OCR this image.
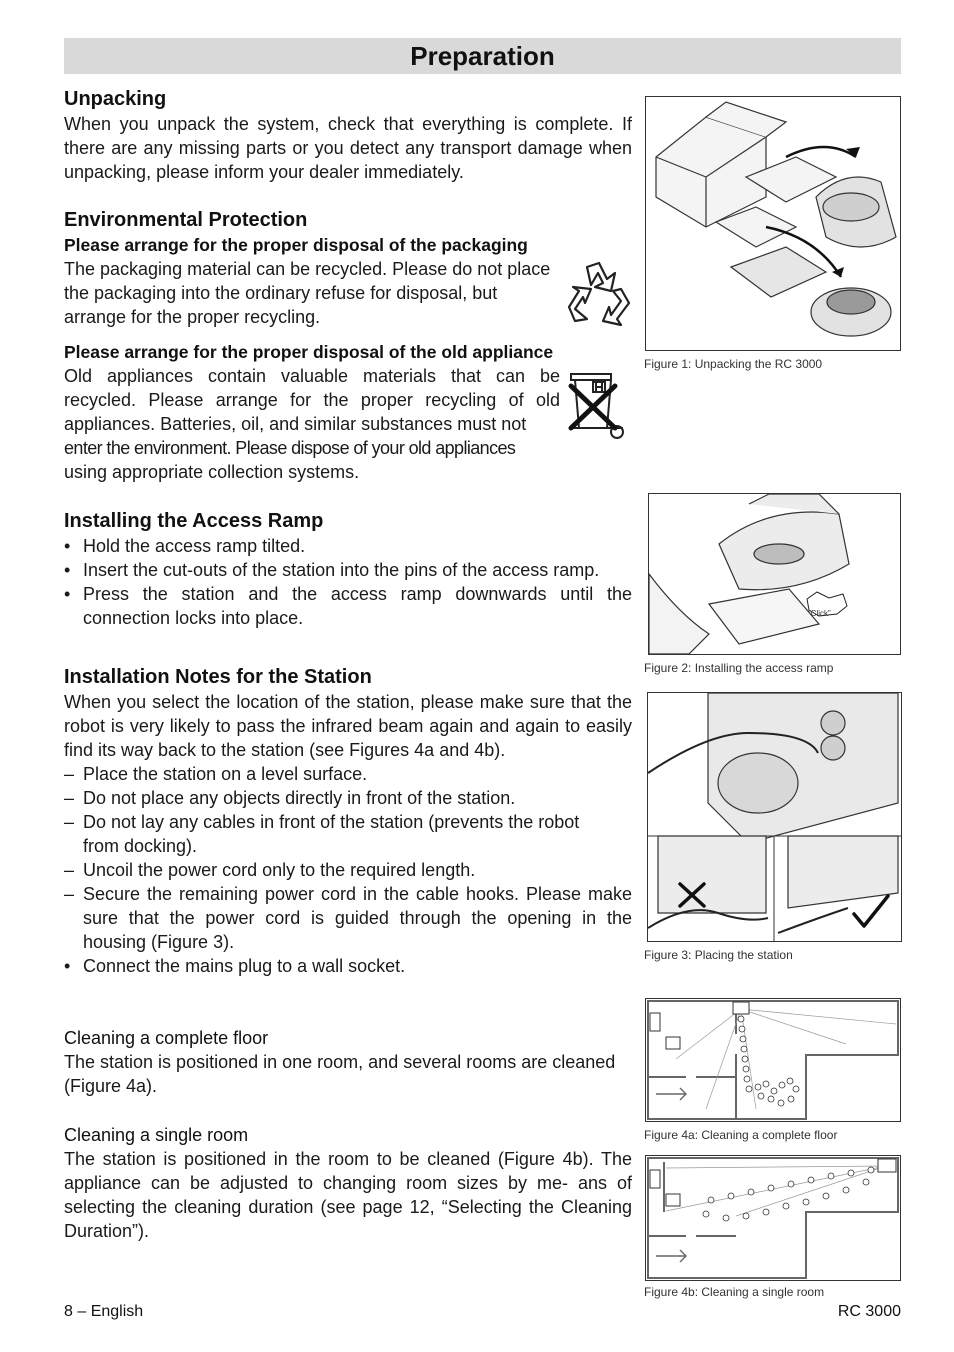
Preparation
Unpacking

When you unpack the system, check that everything is complete. If there are any missing parts or you detect any transport damage when unpacking, please inform your dealer immediately.

Environmental Protection
Please arrange for the proper disposal of the packaging

The packaging material can be recycled. Please do not place the packaging into the ordinary refuse for disposal, but arrange for the proper recycling.

Please arrange for the proper disposal of the old appliance

Old appliances contain valuable materials that can be recycled. Please arrange for the proper recycling of old appliances. Batteries, oil, and similar substances must not

enter the environment. Please dispose of your old appliances

using appropriate collection systems.

Installing the Access Ramp
• Hold the access ramp tilted.
• Insert the cut-outs of the station into the pins of the access ramp.
• Press the station and the access ramp downwards until the connection locks into place.
Installation Notes for the Station

When you select the location of the station, please make sure that the robot is very likely to pass the infrared beam again and again to easily find its way back to the station (see Figures 4a and 4b).

– Place the station on a level surface.
– Do not place any objects directly in front of the station.
– Do not lay any cables in front of the station (prevents the robot from docking).
– Uncoil the power cord only to the required length.
– Secure the remaining power cord in the cable hooks. Please make sure that the power cord is guided through the opening in the housing (Figure 3).
• Connect the mains plug to a wall socket.
Cleaning a complete floor

The station is positioned in one room, and several rooms are cleaned (Figure 4a).

Cleaning a single room

The station is positioned in the room to be cleaned (Figure 4b). The appliance can be adjusted to changing room sizes by me- ans of selecting the cleaning duration (see page 12, “Selecting the Cleaning Duration”).

Figure 1: Unpacking the RC 3000
“Click”
Figure 2: Installing the access ramp
Figure 3: Placing the station
Figure 4a: Cleaning a complete floor
Figure 4b: Cleaning a single room
8 – English	RC 3000
